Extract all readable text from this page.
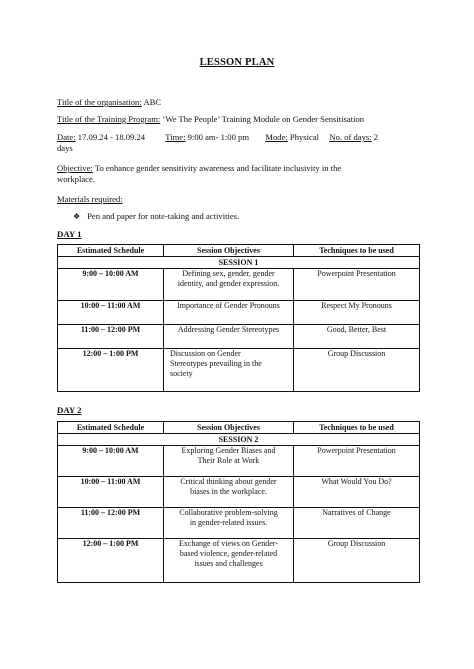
LESSON PLAN
Title of the organisation: ABC
Title of the Training Program: ‘We The People’ Training Module on Gender Sensitisation
Date: 17.09.24 - 18.09.24 Time: 9:00 am- 1:00 pm Mode: Physical No. of days: 2
days
Objective: To enhance gender sensitivity awareness and facilitate inclusivity in the
workplace.
Materials required:
❖ Pen and paper for note-taking and activities.
DAY 1
Estimated Schedule	Session Objectives	Techniques to be used
SESSION 1		
9:00 – 10:00 AM	Defining sex, gender, gender
identity, and gender expression.	Powerpoint Presentation
10:00 – 11:00 AM	Importance of Gender Pronouns	Respect My Pronouns
11:00 – 12:00 PM	Addressing Gender Stereotypes	Good, Better, Best
12:00 – 1:00 PM	Discussion on Gender
Stereotypes prevailing in the
society	Group Discussion
DAY 2
Estimated Schedule	Session Objectives	Techniques to be used
SESSION 2		
9:00 – 10:00 AM	Exploring Gender Biases and
Their Role at Work	Powerpoint Presentation
10:00 – 11:00 AM	Critical thinking about gender
biases in the workplace.	What Would You Do?
11:00 – 12:00 PM	Collaborative problem-solving
in gender-related issues.	Narratives of Change
12:00 – 1:00 PM	Exchange of views on Gender-
based violence, gender-related
issues and challenges	Group Discussion
